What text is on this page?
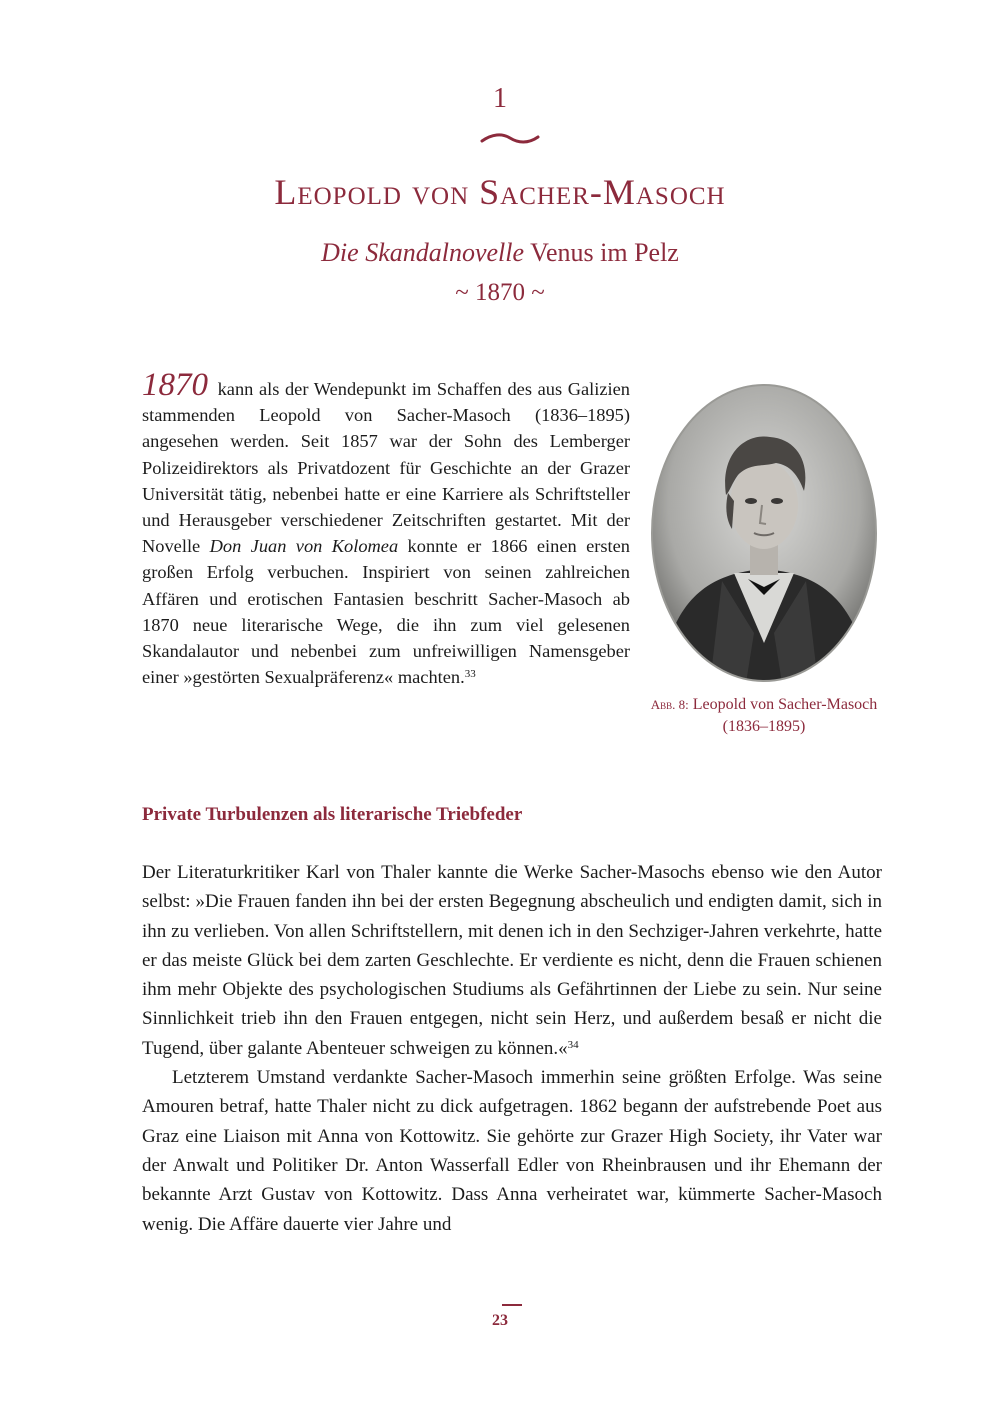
1
Leopold von Sacher-Masoch
Die Skandalnovelle Venus im Pelz
~ 1870 ~
1870 kann als der Wendepunkt im Schaffen des aus Galizien stammenden Leopold von Sacher-Masoch (1836–1895) angesehen werden. Seit 1857 war der Sohn des Lemberger Polizeidirektors als Privatdozent für Geschichte an der Grazer Universität tätig, nebenbei hatte er eine Karriere als Schriftsteller und Herausgeber verschiedener Zeitschriften gestartet. Mit der Novelle Don Juan von Kolomea konnte er 1866 einen ersten großen Erfolg verbuchen. Inspiriert von seinen zahlreichen Affären und erotischen Fantasien beschritt Sacher-Masoch ab 1870 neue literarische Wege, die ihn zum viel gelesenen Skandalautor und nebenbei zum unfreiwilligen Namensgeber einer »gestörten Sexualpräferenz« machten.$^{33}$
Abb. 8: Leopold von Sacher-Masoch
(1836–1895)
Private Turbulenzen als literarische Triebfeder

Der Literaturkritiker Karl von Thaler kannte die Werke Sacher-Masochs ebenso wie den Autor selbst: »Die Frauen fanden ihn bei der ersten Begegnung abscheulich und endigten damit, sich in ihn zu verlieben. Von allen Schriftstellern, mit denen ich in den Sechziger-Jahren verkehrte, hatte er das meiste Glück bei dem zarten Geschlechte. Er verdiente es nicht, denn die Frauen schienen ihm mehr Objekte des psychologischen Studiums als Gefährtinnen der Liebe zu sein. Nur seine Sinnlichkeit trieb ihn den Frauen entgegen, nicht sein Herz, und außerdem besaß er nicht die Tugend, über galante Abenteuer schweigen zu können.«$^{34}$

Letzterem Umstand verdankte Sacher-Masoch immerhin seine größten Erfolge. Was seine Amouren betraf, hatte Thaler nicht zu dick aufgetragen. 1862 begann der aufstrebende Poet aus Graz eine Liaison mit Anna von Kottowitz. Sie gehörte zur Grazer High Society, ihr Vater war der Anwalt und Politiker Dr. Anton Wasserfall Edler von Rheinbrausen und ihr Ehemann der bekannte Arzt Gustav von Kottowitz. Dass Anna verheiratet war, kümmerte Sacher-Masoch wenig. Die Affäre dauerte vier Jahre und

23
